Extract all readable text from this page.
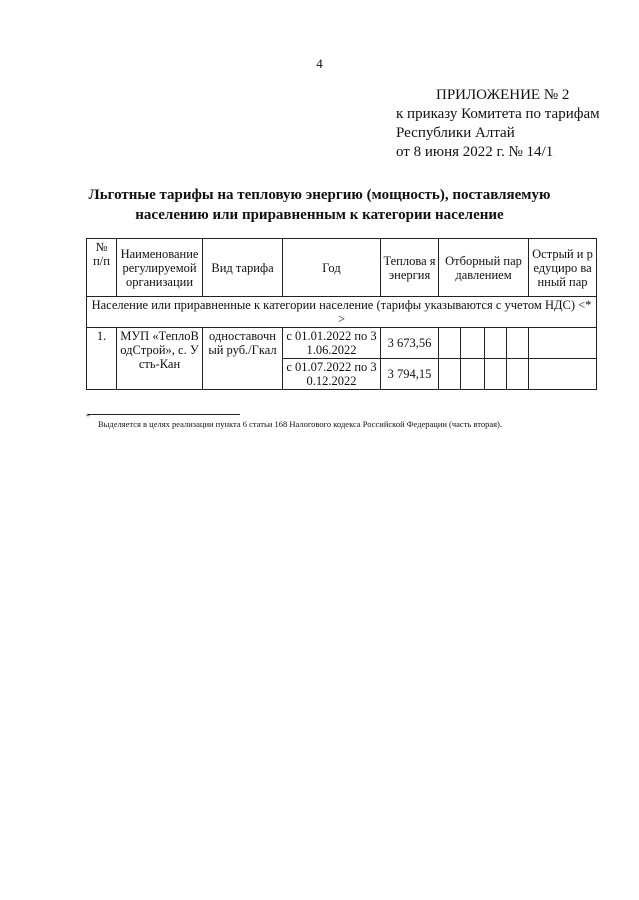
4
ПРИЛОЖЕНИЕ № 2
к приказу Комитета по тарифам
Республики Алтай
от 8 июня 2022 г. № 14/1
Льготные тарифы на тепловую энергию (мощность), поставляемую
населению или приравненным к категории население
№ п/п	Наименование регулируемой организации	Вид тарифа	Год	Теплова я энергия	Отборный пар давлением				Острый и редуциро ванный пар
Население или приравненные к категории население (тарифы указываются с учетом НДС) <*>									
1.	МУП «ТеплоВодСтрой», с. Усть-Кан	одноставочный руб./Гкал	с 01.01.2022 по 31.06.2022	3 673,56					
			с 01.07.2022 по 30.12.2022	3 794,15					
*
Выделяется в целях реализации пункта 6 статьи 168 Налогового кодекса Российской Федерации (часть вторая).
